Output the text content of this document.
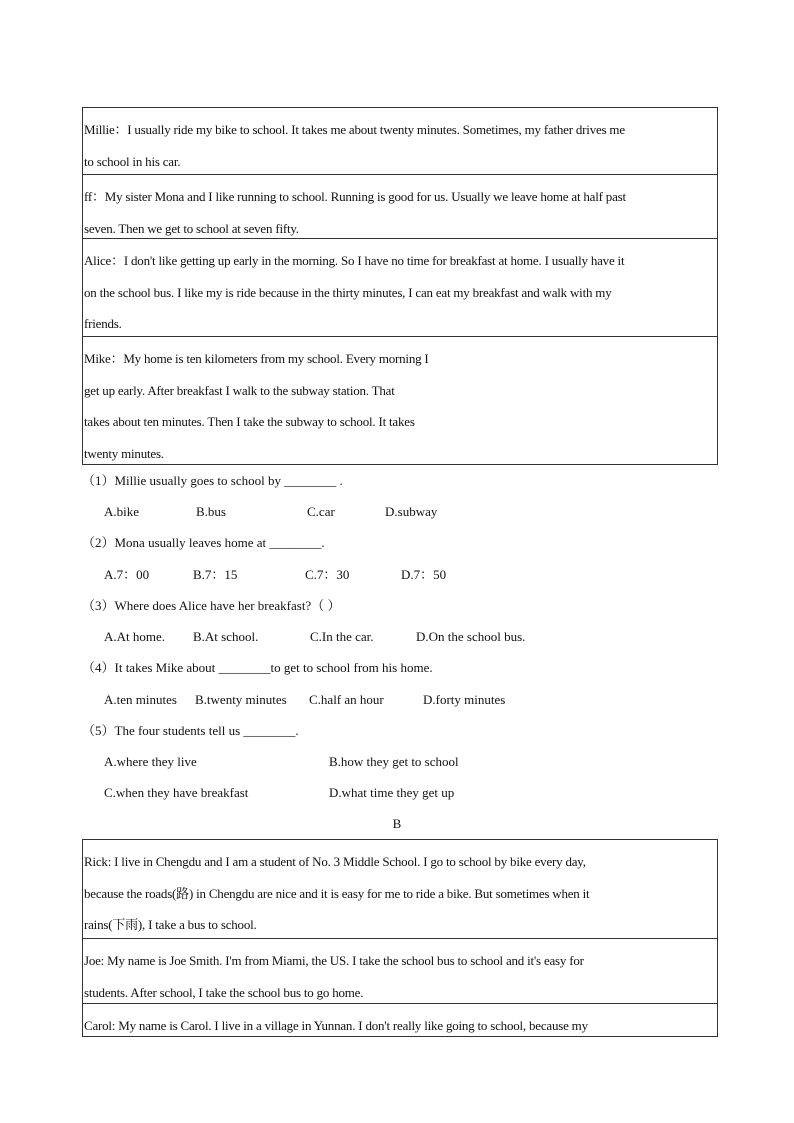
Millie：I usually ride my bike to school. It takes me about twenty minutes. Sometimes, my father drives me
to school in his car.
ff：My sister Mona and I like running to school. Running is good for us. Usually we leave home at half past
seven. Then we get to school at seven fifty.
Alice：I don't like getting up early in the morning. So I have no time for breakfast at home. I usually have it
on the school bus. I like my is ride because in the thirty minutes, I can eat my breakfast and walk with my
friends.
Mike：My home is ten kilometers from my school. Every morning I
get up early. After breakfast I walk to the subway station. That
takes about ten minutes. Then I take the subway to school. It takes
twenty minutes.
（1）Millie usually goes to school by ________ .
A.bike	B.bus	C.car	D.subway
（2）Mona usually leaves home at ________.
A.7：00	B.7：15	C.7：30	D.7：50
（3）Where does Alice have her breakfast?（ ）
A.At home. B.At school.	C.In the car.	D.On the school bus.
（4）It takes Mike about ________to get to school from his home.
A.ten minutes B.twenty minutes C.half an hour	D.forty minutes
（5）The four students tell us ________.
A.where they live	B.how they get to school
C.when they have breakfast	D.what time they get up
B
Rick: I live in Chengdu and I am a student of No. 3 Middle School. I go to school by bike every day,
because the roads(路) in Chengdu are nice and it is easy for me to ride a bike. But sometimes when it
rains(下雨), I take a bus to school.
Joe: My name is Joe Smith. I'm from Miami, the US. I take the school bus to school and it's easy for
students. After school, I take the school bus to go home.
Carol: My name is Carol. I live in a village in Yunnan. I don't really like going to school, because my
